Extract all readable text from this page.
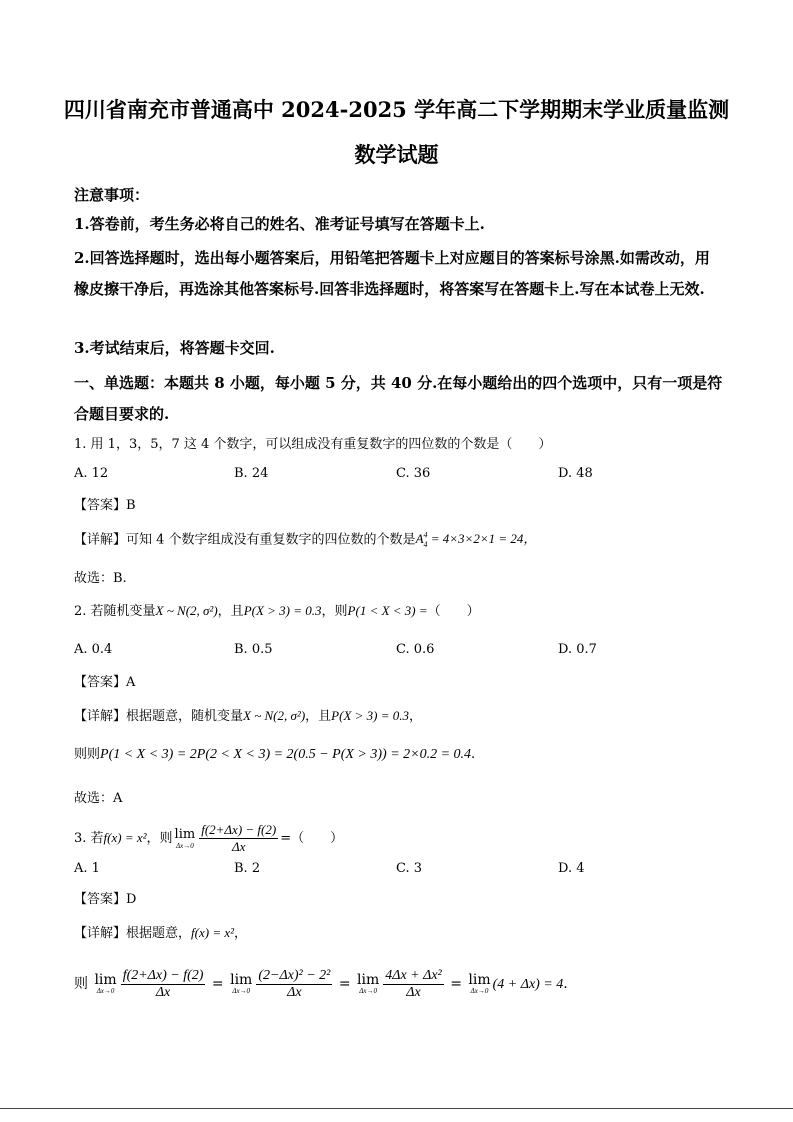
四川省南充市普通高中 2024-2025 学年高二下学期期末学业质量监测
数学试题
注意事项：
1.答卷前，考生务必将自己的姓名、准考证号填写在答题卡上.
2.回答选择题时，选出每小题答案后，用铅笔把答题卡上对应题目的答案标号涂黑.如需改动，用橡皮擦干净后，再选涂其他答案标号.回答非选择题时，将答案写在答题卡上.写在本试卷上无效.
3.考试结束后，将答题卡交回.
一、单选题：本题共 8 小题，每小题 5 分，共 40 分.在每小题给出的四个选项中，只有一项是符合题目要求的.
1. 用 1，3，5，7 这 4 个数字，可以组成没有重复数字的四位数的个数是（　　）
A. 12	B. 24	C. 36	D. 48
【答案】B
【详解】可知 4 个数字组成没有重复数字的四位数的个数是$A^4_4 = 4\times 3\times 2\times 1 = 24$，
故选：B.
2. 若随机变量X ~ N(2, σ²)，且P(X > 3) = 0.3，则P(1 < X < 3) =（　　）
A. 0.4	B. 0.5	C. 0.6	D. 0.7
【答案】A
【详解】根据题意，随机变量X ~ N(2, σ²)，且P(X > 3) = 0.3，
则则P(1 < X < 3) = 2P(2 < X < 3) = 2(0.5 − P(X > 3)) = 2×0.2 = 0.4.
故选：A
3. 若f(x) = x²，则 lim
$\Delta x\to 0 \frac{f(2+\Delta x) - f(2)}{\Delta x}$ =（　　）
A. 1	B. 2	C. 3	D. 4
【答案】D
【详解】根据题意，f(x) = x²，
则 lim
$\Delta x\to 0 \frac{f(2+\Delta x) - f(2)}{\Delta x} = \lim$
$\Delta x\to 0 \frac{\text{(2−Δx)² − 2²}}{\Delta x} = \lim$
$\Delta x\to 0 \frac{\text{4Δx + Δx²}}{\Delta x} = \lim$
Δx→0 (4 + Δx) = 4.
